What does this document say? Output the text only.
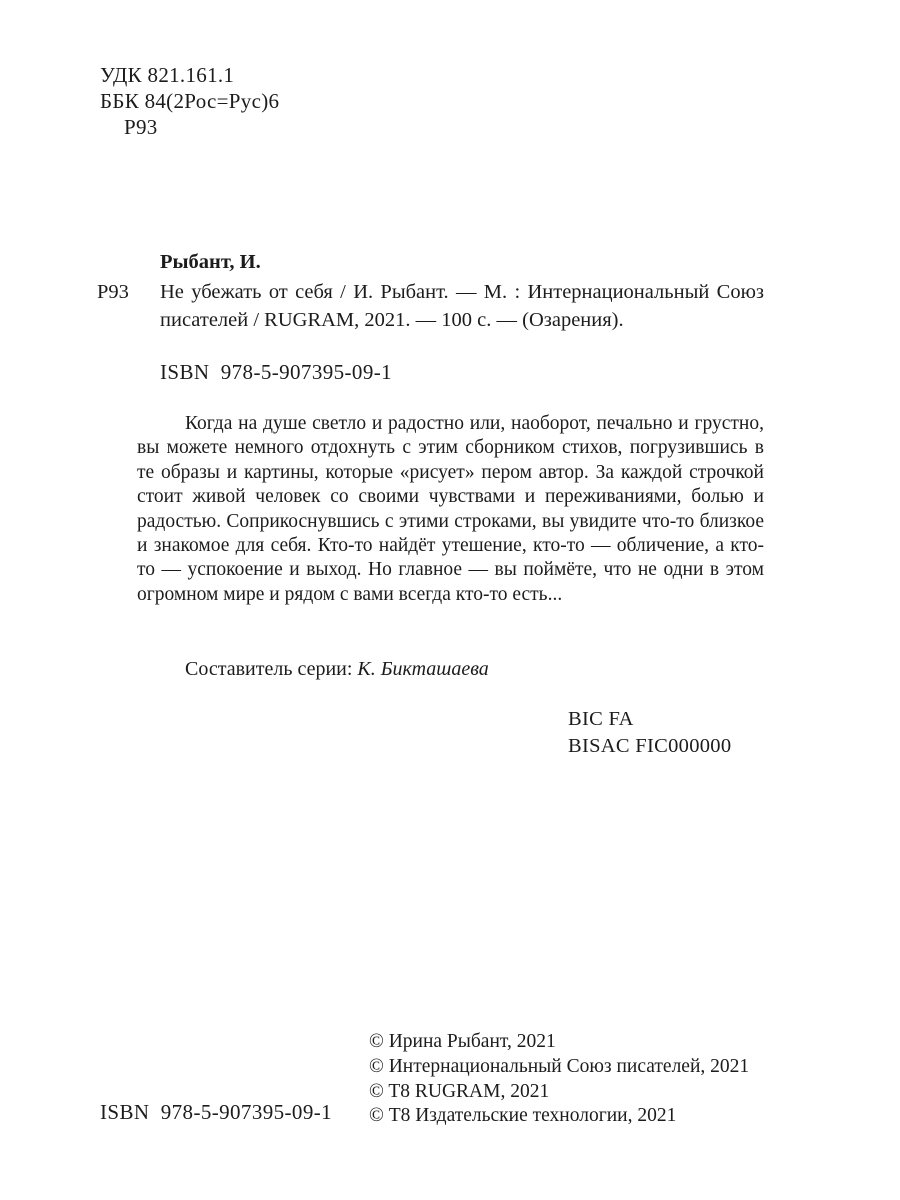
УДК 821.161.1
ББК 84(2Рос=Рус)6
Р93
Рыбант, И.
Р93 Не убежать от себя / И. Рыбант. — М. : Интернациональный Союз писателей / RUGRAM, 2021. — 100 с. — (Озарения).

ISBN  978-5-907395-09-1

Когда на душе светло и радостно или, наоборот, печально и грустно, вы можете немного отдохнуть с этим сборником стихов, погрузившись в те образы и картины, которые «рисует» пером автор. За каждой строчкой стоит живой человек со своими чувствами и переживаниями, болью и радостью. Соприкоснувшись с этими строками, вы увидите что-то близкое и знакомое для себя. Кто-то найдёт утешение, кто-то — обличение, а кто-то — успокоение и выход. Но главное — вы поймёте, что не одни в этом огромном мире и рядом с вами всегда кто-то есть...

Составитель серии: К. Бикташаева
BIC FA
BISAC FIC000000
© Ирина Рыбант, 2021
© Интернациональный Союз писателей, 2021
© T8 RUGRAM, 2021
© Т8 Издательские технологии, 2021
ISBN  978-5-907395-09-1
